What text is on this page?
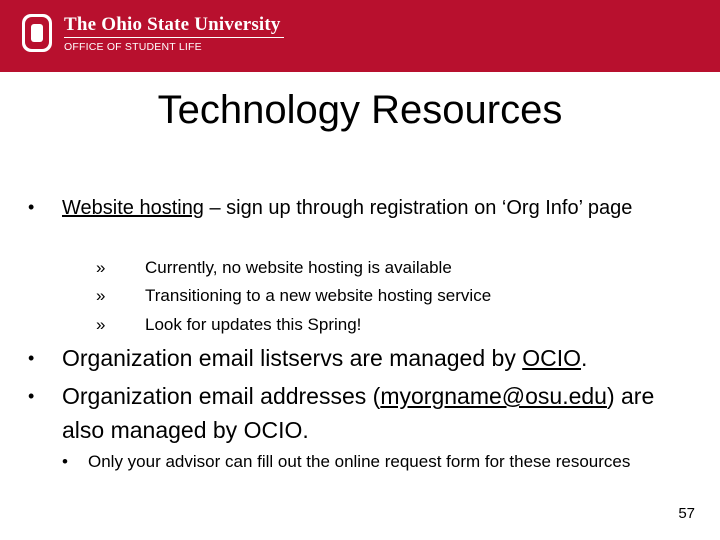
The Ohio State University
OFFICE OF STUDENT LIFE
Technology Resources
• Website hosting – sign up through registration on ‘Org Info’ page
» Currently, no website hosting is available
» Transitioning to a new website hosting service
» Look for updates this Spring!
• Organization email listservs are managed by OCIO.
• Organization email addresses (myorgname@osu.edu) are also managed by OCIO.
• Only your advisor can fill out the online request form for these resources
57
